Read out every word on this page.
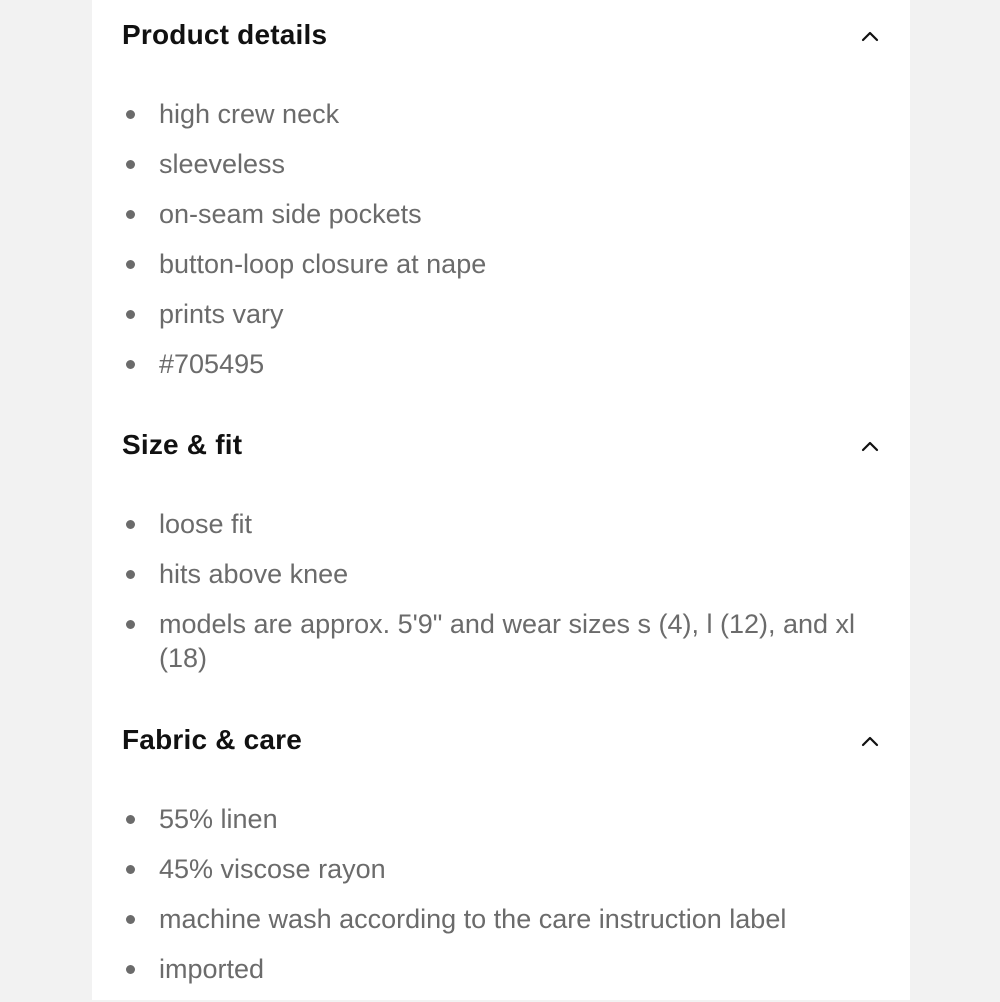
Product details
high crew neck
sleeveless
on-seam side pockets
button-loop closure at nape
prints vary
#705495
Size & fit
loose fit
hits above knee
models are approx. 5'9" and wear sizes s (4), l (12), and xl (18)
Fabric & care
55% linen
45% viscose rayon
machine wash according to the care instruction label
imported
